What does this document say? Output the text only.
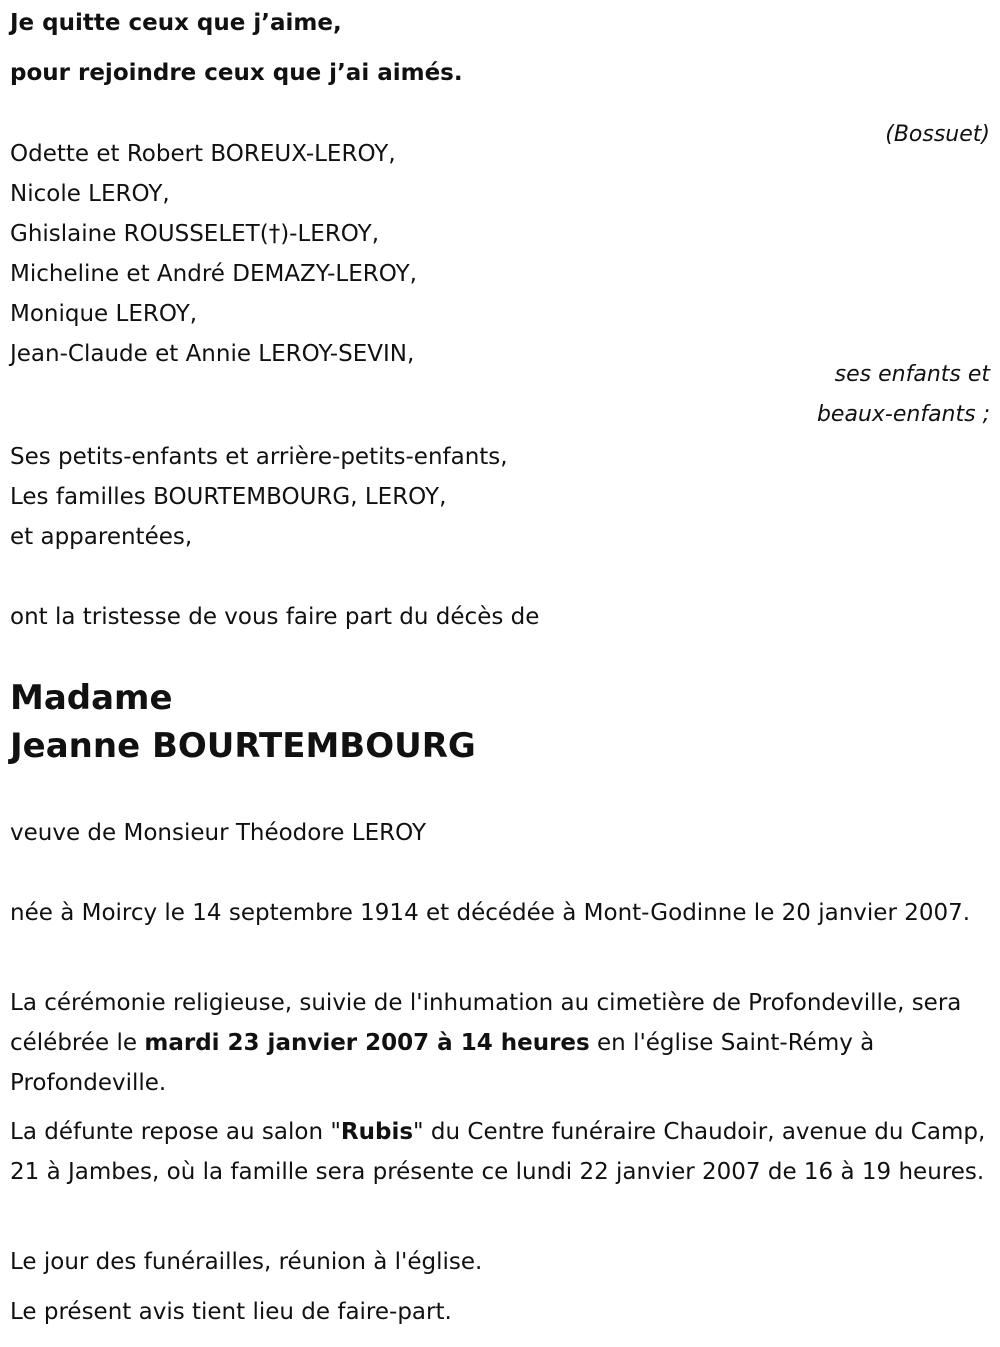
Je quitte ceux que j’aime,
pour rejoindre ceux que j’ai aimés.
(Bossuet)
Odette et Robert BOREUX-LEROY,
Nicole LEROY,
Ghislaine ROUSSELET(†)-LEROY,
Micheline et André DEMAZY-LEROY,
Monique LEROY,
Jean-Claude et Annie LEROY-SEVIN,
ses enfants et
beaux-enfants ;
Ses petits-enfants et arrière-petits-enfants,
Les familles BOURTEMBOURG, LEROY,
et apparentées,
ont la tristesse de vous faire part du décès de
Madame
Jeanne BOURTEMBOURG
veuve de Monsieur Théodore LEROY

née à Moircy le 14 septembre 1914 et décédée à Mont-Godinne le 20 janvier 2007.

La cérémonie religieuse, suivie de l'inhumation au cimetière de Profondeville, sera célébrée le mardi 23 janvier 2007 à 14 heures en l'église Saint-Rémy à Profondeville.

La défunte repose au salon "Rubis" du Centre funéraire Chaudoir, avenue du Camp, 21 à Jambes, où la famille sera présente ce lundi 22 janvier 2007 de 16 à 19 heures.

Le jour des funérailles, réunion à l'église.

Le présent avis tient lieu de faire-part.
